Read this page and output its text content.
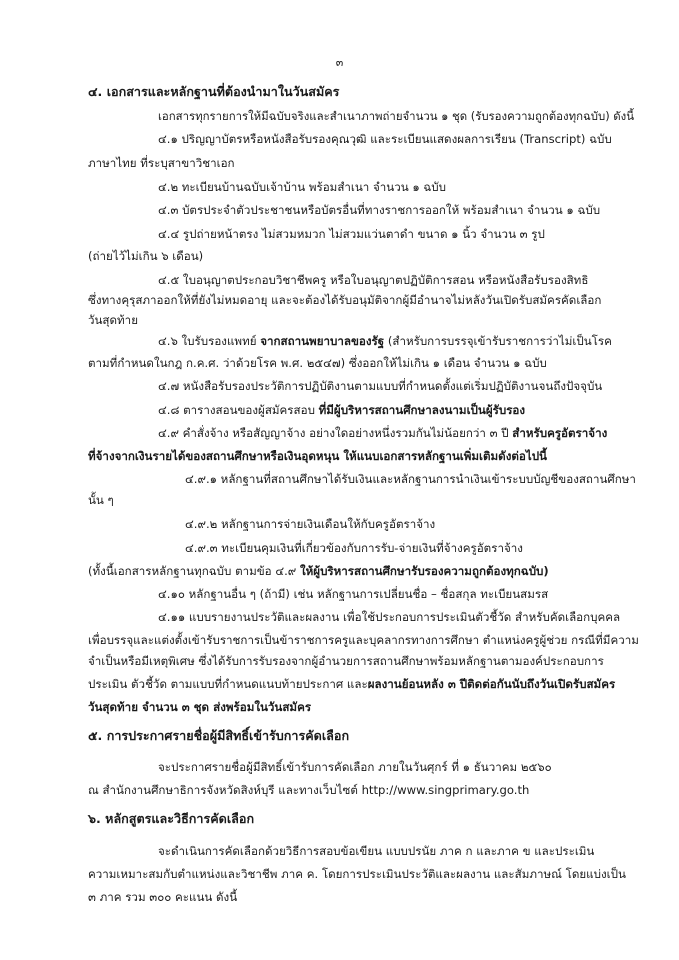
๓
๔. เอกสารและหลักฐานที่ต้องนำมาในวันสมัคร
เอกสารทุกรายการให้มีฉบับจริงและสำเนาภาพถ่ายจำนวน ๑ ชุด (รับรองความถูกต้องทุกฉบับ) ดังนี้
๔.๑ ปริญญาบัตรหรือหนังสือรับรองคุณวุฒิ และระเบียนแสดงผลการเรียน (Transcript) ฉบับ
ภาษาไทย ที่ระบุสาขาวิชาเอก
๔.๒ ทะเบียนบ้านฉบับเจ้าบ้าน พร้อมสำเนา จำนวน ๑ ฉบับ
๔.๓ บัตรประจำตัวประชาชนหรือบัตรอื่นที่ทางราชการออกให้ พร้อมสำเนา จำนวน ๑ ฉบับ
๔.๔ รูปถ่ายหน้าตรง ไม่สวมหมวก ไม่สวมแว่นตาดำ ขนาด ๑ นิ้ว จำนวน ๓ รูป
(ถ่ายไว้ไม่เกิน ๖ เดือน)
๔.๕ ใบอนุญาตประกอบวิชาชีพครู หรือใบอนุญาตปฏิบัติการสอน หรือหนังสือรับรองสิทธิ
ซึ่งทางคุรุสภาออกให้ที่ยังไม่หมดอายุ และจะต้องได้รับอนุมัติจากผู้มีอำนาจไม่หลังวันเปิดรับสมัครคัดเลือก
วันสุดท้าย
๔.๖ ใบรับรองแพทย์ จากสถานพยาบาลของรัฐ (สำหรับการบรรจุเข้ารับราชการว่าไม่เป็นโรค
ตามที่กำหนดในกฎ ก.ค.ศ. ว่าด้วยโรค พ.ศ. ๒๕๔๗) ซึ่งออกให้ไม่เกิน ๑ เดือน จำนวน ๑ ฉบับ
๔.๗ หนังสือรับรองประวัติการปฏิบัติงานตามแบบที่กำหนดตั้งแต่เริ่มปฏิบัติงานจนถึงปัจจุบัน
๔.๘ ตารางสอนของผู้สมัครสอบ ที่มีผู้บริหารสถานศึกษาลงนามเป็นผู้รับรอง
๔.๙ คำสั่งจ้าง หรือสัญญาจ้าง อย่างใดอย่างหนึ่งรวมกันไม่น้อยกว่า ๓ ปี สำหรับครูอัตราจ้าง
ที่จ้างจากเงินรายได้ของสถานศึกษาหรือเงินอุดหนุน ให้แนบเอกสารหลักฐานเพิ่มเติมดังต่อไปนี้
๔.๙.๑ หลักฐานที่สถานศึกษาได้รับเงินและหลักฐานการนำเงินเข้าระบบบัญชีของสถานศึกษา
นั้น ๆ
๔.๙.๒ หลักฐานการจ่ายเงินเดือนให้กับครูอัตราจ้าง
๔.๙.๓ ทะเบียนคุมเงินที่เกี่ยวข้องกับการรับ-จ่ายเงินที่จ้างครูอัตราจ้าง
(ทั้งนี้เอกสารหลักฐานทุกฉบับ ตามข้อ ๔.๙ ให้ผู้บริหารสถานศึกษารับรองความถูกต้องทุกฉบับ)
๔.๑๐ หลักฐานอื่น ๆ (ถ้ามี) เช่น หลักฐานการเปลี่ยนชื่อ – ชื่อสกุล ทะเบียนสมรส
๔.๑๑ แบบรายงานประวัติและผลงาน เพื่อใช้ประกอบการประเมินตัวชี้วัด สำหรับคัดเลือกบุคคล
เพื่อบรรจุและแต่งตั้งเข้ารับราชการเป็นข้าราชการครูและบุคลากรทางการศึกษา ตำแหน่งครูผู้ช่วย กรณีที่มีความ
จำเป็นหรือมีเหตุพิเศษ ซึ่งได้รับการรับรองจากผู้อำนวยการสถานศึกษาพร้อมหลักฐานตามองค์ประกอบการ
ประเมิน ตัวชี้วัด ตามแบบที่กำหนดแนบท้ายประกาศ และผลงานย้อนหลัง ๓ ปีติดต่อกันนับถึงวันเปิดรับสมัคร
วันสุดท้าย จำนวน ๓ ชุด ส่งพร้อมในวันสมัคร
๕. การประกาศรายชื่อผู้มีสิทธิ์เข้ารับการคัดเลือก
จะประกาศรายชื่อผู้มีสิทธิ์เข้ารับการคัดเลือก ภายในวันศุกร์ ที่ ๑ ธันวาคม ๒๕๖๐
ณ สำนักงานศึกษาธิการจังหวัดสิงห์บุรี และทางเว็บไซต์ http://www.singprimary.go.th
๖. หลักสูตรและวิธีการคัดเลือก
จะดำเนินการคัดเลือกด้วยวิธีการสอบข้อเขียน แบบปรนัย ภาค ก และภาค ข และประเมิน
ความเหมาะสมกับตำแหน่งและวิชาชีพ ภาค ค. โดยการประเมินประวัติและผลงาน และสัมภาษณ์ โดยแบ่งเป็น
๓ ภาค รวม ๓๐๐ คะแนน ดังนี้
